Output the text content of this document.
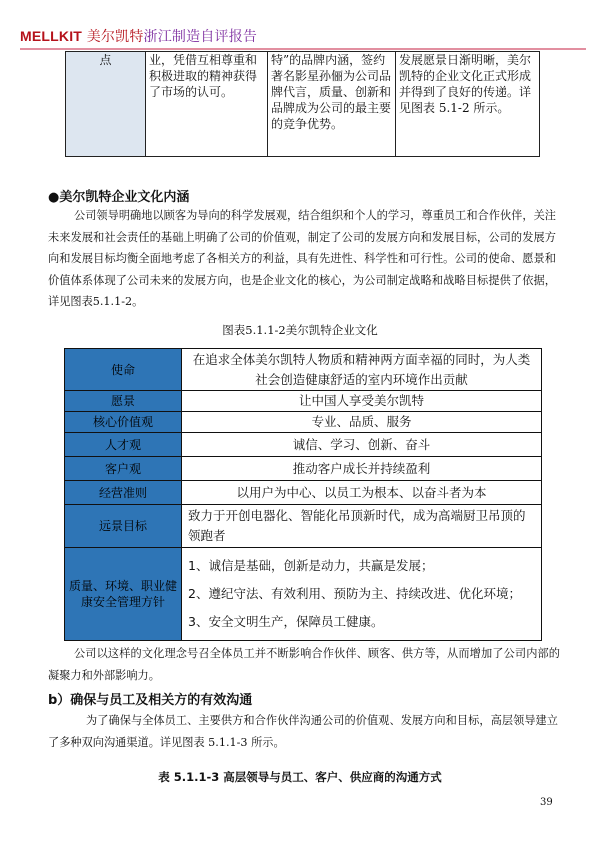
MELLKIT 美尔凯特浙江制造自评报告
点	业，凭借互相尊重和积极进取的精神获得了市场的认可。	特”的品牌内涵，签约著名影星孙俪为公司品牌代言，质量、创新和品牌成为公司的最主要的竞争优势。	发展愿景日渐明晰，美尔凯特的企业文化正式形成并得到了良好的传递。详见图表 5.1-2 所示。
●美尔凯特企业文化内涵
公司领导明确地以顾客为导向的科学发展观，结合组织和个人的学习，尊重员工和合作伙伴，关注未来发展和社会责任的基础上明确了公司的价值观，制定了公司的发展方向和发展目标，公司的发展方向和发展目标均衡全面地考虑了各相关方的利益，具有先进性、科学性和可行性。公司的使命、愿景和价值体系体现了公司未来的发展方向，也是企业文化的核心，为公司制定战略和战略目标提供了依据，详见图表5.1.1-2。
图表5.1.1-2美尔凯特企业文化
使命	在追求全体美尔凯特人物质和精神两方面幸福的同时，为人类社会创造健康舒适的室内环境作出贡献
愿景	让中国人享受美尔凯特
核心价值观	专业、品质、服务
人才观	诚信、学习、创新、奋斗
客户观	推动客户成长并持续盈利
经营准则	以用户为中心、以员工为根本、以奋斗者为本
远景目标	致力于开创电器化、智能化吊顶新时代，成为高端厨卫吊顶的领跑者
质量、环境、职业健康安全管理方针	1、诚信是基础，创新是动力，共赢是发展；
2、遵纪守法、有效利用、预防为主、持续改进、优化环境；
3、安全文明生产，保障员工健康。
公司以这样的文化理念号召全体员工并不断影响合作伙伴、顾客、供方等，从而增加了公司内部的凝聚力和外部影响力。
b）确保与员工及相关方的有效沟通
为了确保与全体员工、主要供方和合作伙伴沟通公司的价值观、发展方向和目标，高层领导建立了多种双向沟通渠道。详见图表 5.1.1-3 所示。
表 5.1.1-3 高层领导与员工、客户、供应商的沟通方式
39
